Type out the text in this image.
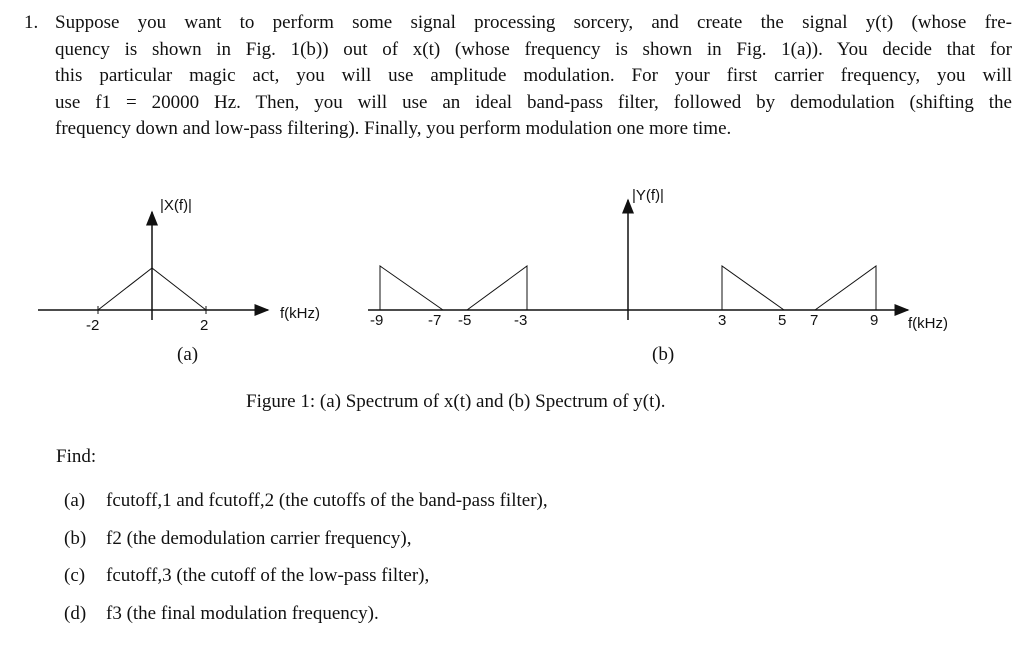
1. Suppose you want to perform some signal processing sorcery, and create the signal y(t) (whose fre-
quency is shown in Fig. 1(b)) out of x(t) (whose frequency is shown in Fig. 1(a)). You decide that for
this particular magic act, you will use amplitude modulation. For your first carrier frequency, you will
use f1 = 20000 Hz. Then, you will use an ideal band-pass filter, followed by demodulation (shifting the
frequency down and low-pass filtering). Finally, you perform modulation one more time.
|X(f)|
f(kHz)
-2	2
|Y(f)|
f(kHz)
-9	-7 -5	-3	3	5 7	9
(a)	(b)
Figure 1: (a) Spectrum of x(t) and (b) Spectrum of y(t).
Find:
(a) fcutoff,1 and fcutoff,2 (the cutoffs of the band-pass filter),
(b) f2 (the demodulation carrier frequency),
(c) fcutoff,3 (the cutoff of the low-pass filter),
(d) f3 (the final modulation frequency).
